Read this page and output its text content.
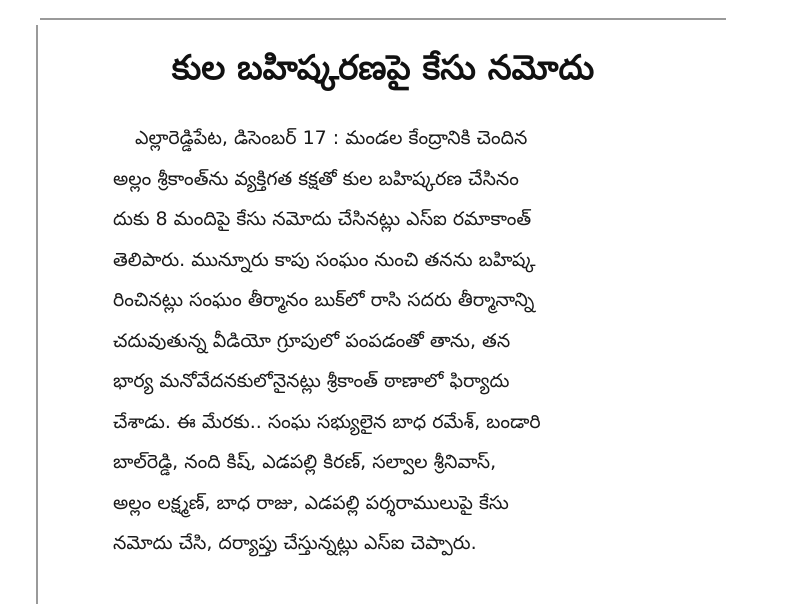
కుల బహిష్కరణపై కేసు నమోదు
ఎల్లారెడ్డిపేట, డిసెంబర్ 17 : మండల కేంద్రానికి చెందిన
అల్లం శ్రీకాంత్‌ను వ్యక్తిగత కక్షతో కుల బహిష్కరణ చేసినం
దుకు 8 మందిపై కేసు నమోదు చేసినట్లు ఎస్ఐ రమాకాంత్
తెలిపారు. మున్నూరు కాపు సంఘం నుంచి తనను బహిష్క
రించినట్లు సంఘం తీర్మానం బుక్‌లో రాసి సదరు తీర్మానాన్ని
చదువుతున్న వీడియో గ్రూపులో పంపడంతో తాను, తన
భార్య మనోవేదనకులోనైనట్లు శ్రీకాంత్ ఠాణాలో ఫిర్యాదు
చేశాడు. ఈ మేరకు.. సంఘ సభ్యులైన బాధ రమేశ్, బండారి
బాల్‌రెడ్డి, నంది కిష్, ఎడపల్లి కిరణ్, సల్వాల శ్రీనివాస్,
అల్లం లక్ష్మణ్, బాధ రాజు, ఎడపల్లి పర్శరాములుపై కేసు
నమోదు చేసి, దర్యాప్తు చేస్తున్నట్లు ఎస్ఐ చెప్పారు.
